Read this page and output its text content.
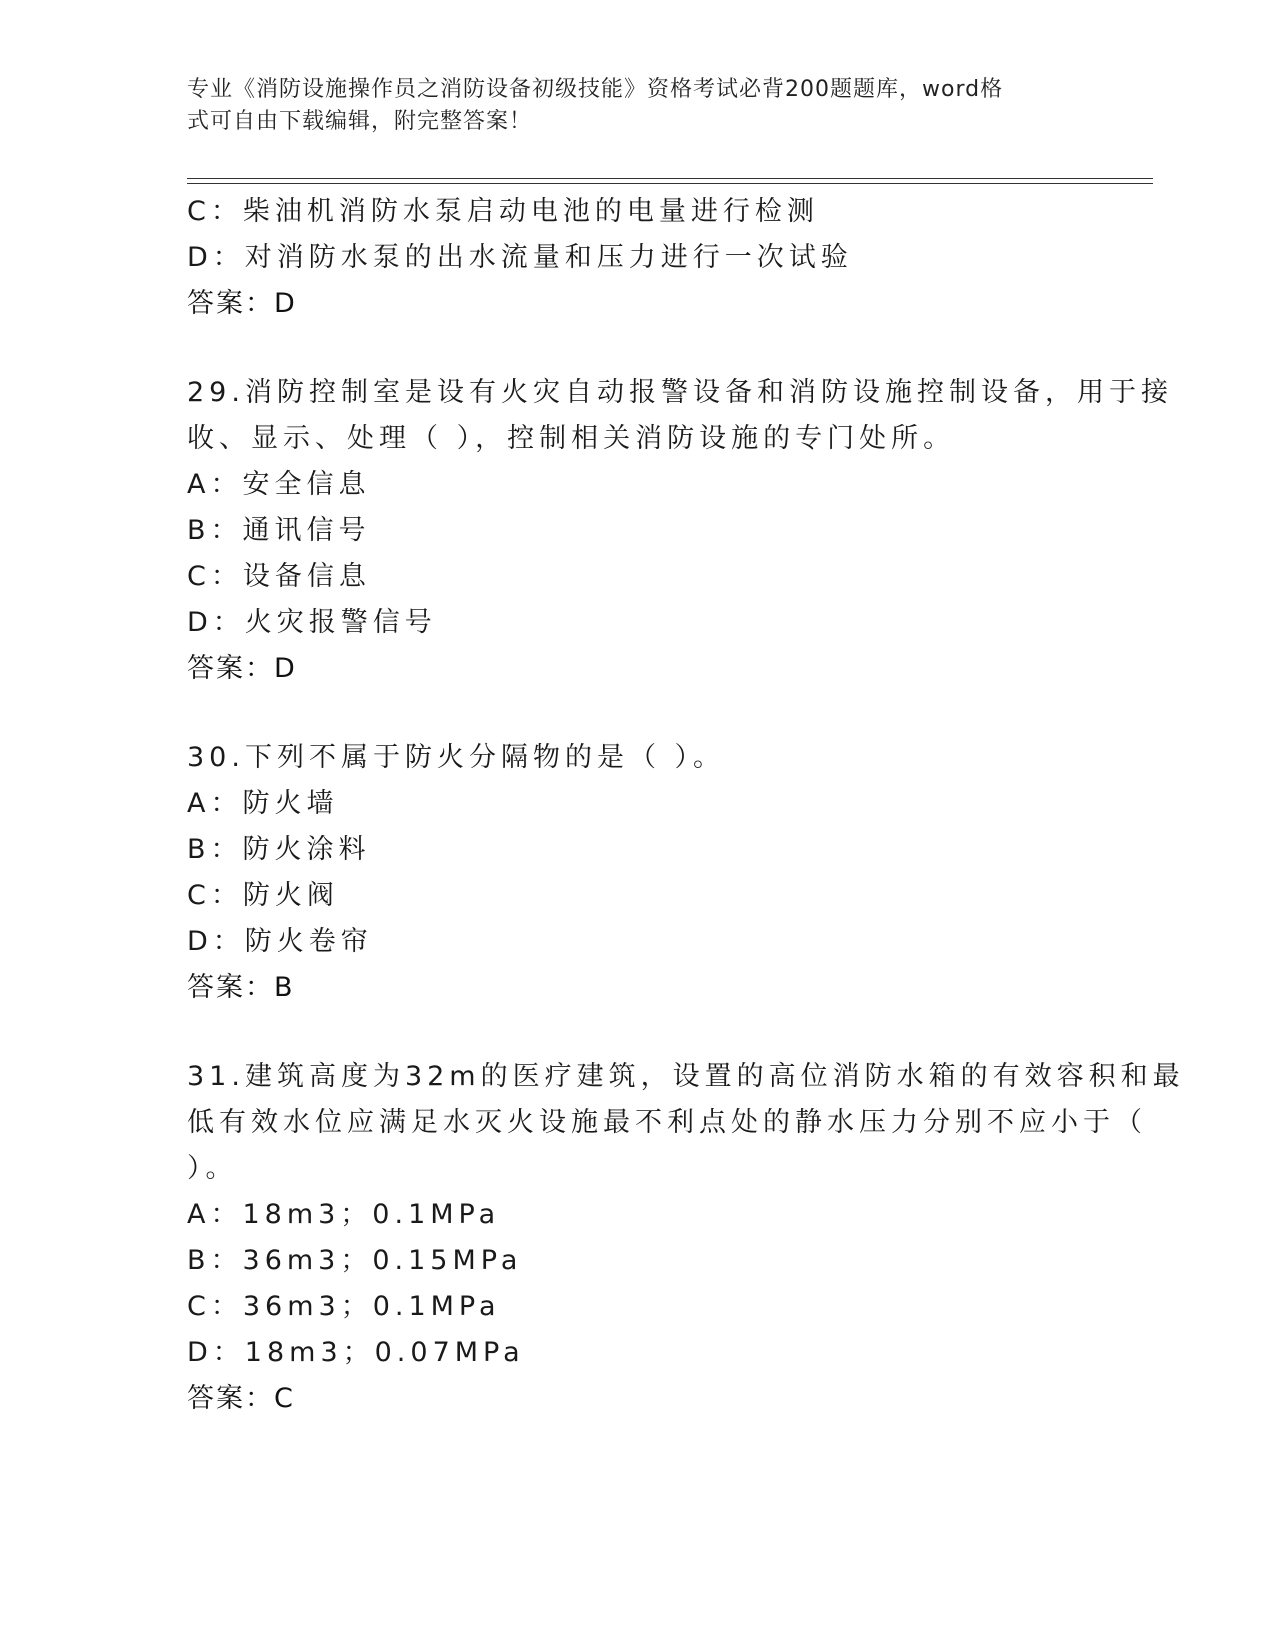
专业《消防设施操作员之消防设备初级技能》资格考试必背200题题库，word格
式可自由下载编辑，附完整答案！
C：柴油机消防水泵启动电池的电量进行检测
D：对消防水泵的出水流量和压力进行一次试验
答案：D
29.消防控制室是设有火灾自动报警设备和消防设施控制设备，用于接
收、显示、处理（ ），控制相关消防设施的专门处所。
A：安全信息
B：通讯信号
C：设备信息
D：火灾报警信号
答案：D
30.下列不属于防火分隔物的是（ ）。
A：防火墙
B：防火涂料
C：防火阀
D：防火卷帘
答案：B
31.建筑高度为32m的医疗建筑，设置的高位消防水箱的有效容积和最
低有效水位应满足水灭火设施最不利点处的静水压力分别不应小于（
）。
A：18m3；0.1MPa
B：36m3；0.15MPa
C：36m3；0.1MPa
D：18m3；0.07MPa
答案：C
